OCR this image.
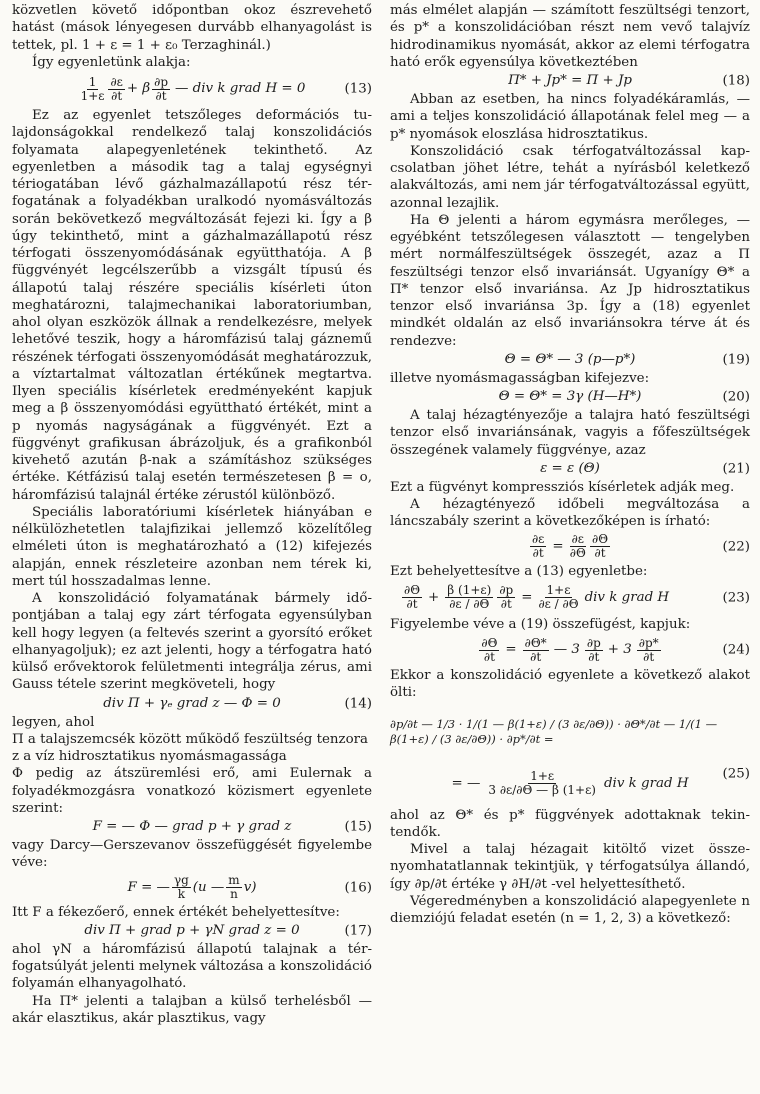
közvetlen követő időpontban okoz észrevehető hatást (mások lényegesen durvább elhanyagolást is tettek, pl. 1 + ε = 1 + ε₀ Terzaghinál.)

Így egyenletünk alakja:

$\frac{1}{1+\varepsilon} \frac{\partial\varepsilon}{\partial t} + \beta \frac{\partial p}{\partial t}$ — div k grad H = 0	(13)

Ez az egyenlet tetszőleges deformációs tulajdonságokkal rendelkező talaj konszolidációs folyamata alapegyenletének tekinthető. Az egyenletben a második tag a talaj egységnyi tériogatában lévő gázhalmazállapotú rész térfogatának a folyadékban uralkodó nyomásváltozás során bekövetkező megváltozását fejezi ki. Így a β úgy tekinthető, mint a gázhalmazállapotú rész térfogati összenyomódásának együtthatója. A β függvényét legcélszerűbb a vizsgált típusú és állapotú talaj részére speciális kísérleti úton meghatározni, talajmechanikai laboratoriumban, ahol olyan eszközök állnak a rendelkezésre, melyek lehetővé teszik, hogy a háromfázisú talaj gáznemű részének térfogati összenyomódását meghatározzuk, a víztartalmat változatlan értékűnek megtartva. Ilyen speciális kísérletek eredményeként kapjuk meg a β összenyomódási együttható értékét, mint a p nyomás nagyságának a függvényét. Ezt a függvényt grafikusan ábrázoljuk, és a grafikonból kivehető azután β-nak a számításhoz szükséges értéke. Kétfázisú talaj esetén természetesen β = o, háromfázisú talajnál értéke zérustól különböző.

Speciális laboratóriumi kísérletek hiányában e nélkülözhetetlen talajfizikai jellemző közelítőleg elméleti úton is meghatározható a (12) kifejezés alapján, ennek részleteire azonban nem térek ki, mert túl hosszadalmas lenne.

A konszolidáció folyamatának bármely időpontjában a talaj egy zárt térfogata egyensúlyban kell hogy legyen (a feltevés szerint a gyorsító erőket elhanyagoljuk); ez azt jelenti, hogy a térfogatra ható külső erővektorok felületmenti integrálja zérus, ami Gauss tétele szerint megköveteli, hogy

div Π + γₑ grad z — Φ = 0	(14)

legyen, ahol

Π a talajszemcsék között működő feszültség tenzora

z a víz hidrosztatikus nyomásmagassága

Φ pedig az átszüremlési erő, ami Eulernak a folyadékmozgásra vonatkozó közismert egyenlete szerint:

F = — Φ — grad p + γ grad z	(15)

vagy Darcy—Gerszevanov összefüggését figyelembe véve:

F = — $\frac{\gamma g}{k} (u$ — $\frac{m}{n} v$)	(16)

Itt F a fékezőerő, ennek értékét behelyettesítve:

div Π + grad p + γN grad z = 0	(17)

ahol γN a háromfázisú állapotú talajnak a térfogatsúlyát jelenti melynek változása a konszolidáció folyamán elhanyagolható.

Ha Π* jelenti a talajban a külső terhelésből — akár elasztikus, akár plasztikus, vagy

más elmélet alapján — számított feszültségi tenzort, és p* a konszolidációban részt nem vevő talajvíz hidrodinamikus nyomását, akkor az elemi térfogatra ható erők egyensúlya következtében

Π* + Jp* = Π + Jp	(18)

Abban az esetben, ha nincs folyadékáramlás, — ami a teljes konszolidáció állapotának felel meg — a p* nyomások eloszlása hidrosztatikus.

Konszolidáció csak térfogatváltozással kapcsolatban jöhet létre, tehát a nyírásból keletkező alakváltozás, ami nem jár térfogatváltozással együtt, azonnal lezajlik.

Ha Θ jelenti a három egymásra merőleges, — egyébként tetszőlegesen választott — tengelyben mért normálfeszültségek összegét, azaz a Π feszültségi tenzor első invariánsát. Ugyanígy Θ* a Π* tenzor első invariánsa. Az Jp hidrosztatikus tenzor első invariánsa 3p. Így a (18) egyenlet mindkét oldalán az első invariánsokra térve át és rendezve:

Θ = Θ* — 3 (p—p*)	(19)

illetve nyomásmagasságban kifejezve:

Θ = Θ* = 3γ (H—H*)	(20)

A talaj hézagtényezője a talajra ható feszültségi tenzor első invariánsának, vagyis a főfeszültségek összegének valamely függvénye, azaz

ε = ε (Θ)	(21)

Ezt a fügvényt kompressziós kísérletek adják meg.

A hézagtényező időbeli megváltozása a láncszabály szerint a következőképen is írható:

$\frac{\partial\varepsilon}{\partial t} = \frac{\partial\varepsilon}{\partial\Theta} \frac{\partial\Theta}{\partial t}$	(22)

Ezt behelyettesítve a (13) egyenletbe:

$\frac{\partial\Theta}{\partial t} + \frac{\beta (1+\varepsilon)}{\partial\varepsilon / \partial\Theta} \frac{\partial p}{\partial t} = \frac{1+\varepsilon}{\partial\varepsilon / \partial\Theta}$ div k grad H	(23)

Figyelembe véve a (19) összefügést, kapjuk:

$\frac{\partial\Theta}{\partial t} = \frac{\partial\Theta*}{\partial t}$ — $3 \frac{\partial p}{\partial t} + 3 \frac{\partial p*}{\partial t}$	(24)

Ekkor a konszolidáció egyenlete a következő alakot ölti:

∂p/∂t — 1/3 · 1/(1 — β(1+ε) / (3 ∂ε/∂Θ)) · ∂Θ*/∂t — 1/(1 — β(1+ε) / (3 ∂ε/∂Θ)) · ∂p*/∂t =
= — $\frac{1+\varepsilon}{3 \partial\varepsilon/\partial\Theta — \beta (1+\varepsilon)}$ div k grad H
(25)

ahol az Θ* és p* függvények adottaknak tekintendők.

Mivel a talaj hézagait kitöltő vizet összenyomhatatlannak tekintjük, γ térfogatsúlya állandó, így ∂p/∂t értéke γ ∂H/∂t -vel helyettesíthető.

Végeredményben a konszolidáció alapegyenlete n diemziójú feladat esetén (n = 1, 2, 3) a következő:
